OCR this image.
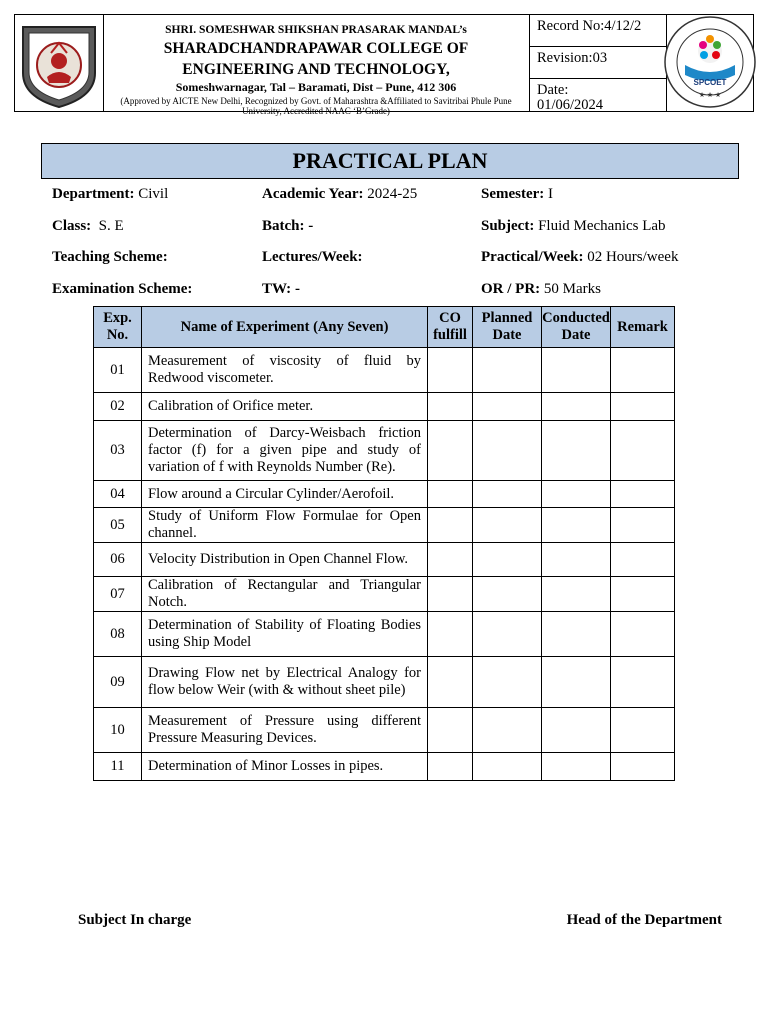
SHRI. SOMESHWAR SHIKSHAN PRASARAK MANDAL’s
SHARADCHANDRAPAWAR COLLEGE OF
ENGINEERING AND TECHNOLOGY,
Someshwarnagar, Tal – Baramati, Dist – Pune, 412 306
(Approved by AICTE New Delhi, Recognized by Govt. of Maharashtra &Affiliated to Savitribai Phule Pune University, Accredited NAAC ‘B’Grade)
Record No:4/12/2
Revision:03
Date:
01/06/2024
SPCOET
★ ★ ★
PRACTICAL PLAN
Department: Civil	Academic Year: 2024-25	Semester: I
Class: S. E	Batch: -	Subject: Fluid Mechanics Lab
Teaching Scheme:	Lectures/Week:	Practical/Week: 02 Hours/week
Examination Scheme:	TW: -	OR / PR: 50 Marks
Exp. No.	Name of Experiment (Any Seven)	CO fulfill	Planned Date	Conducted Date	Remark
01	Measurement of viscosity of fluid by Redwood viscometer.				
02	Calibration of Orifice meter.				
03	Determination of Darcy-Weisbach friction factor (f) for a given pipe and study of variation of f with Reynolds Number (Re).				
04	Flow around a Circular Cylinder/Aerofoil.				
05	Study of Uniform Flow Formulae for Open channel.				
06	Velocity Distribution in Open Channel Flow.				
07	Calibration of Rectangular and Triangular Notch.				
08	Determination of Stability of Floating Bodies using Ship Model				
09	Drawing Flow net by Electrical Analogy for flow below Weir (with & without sheet pile)				
10	Measurement of Pressure using different Pressure Measuring Devices.				
11	Determination of Minor Losses in pipes.				
Subject In charge	Head of the Department
